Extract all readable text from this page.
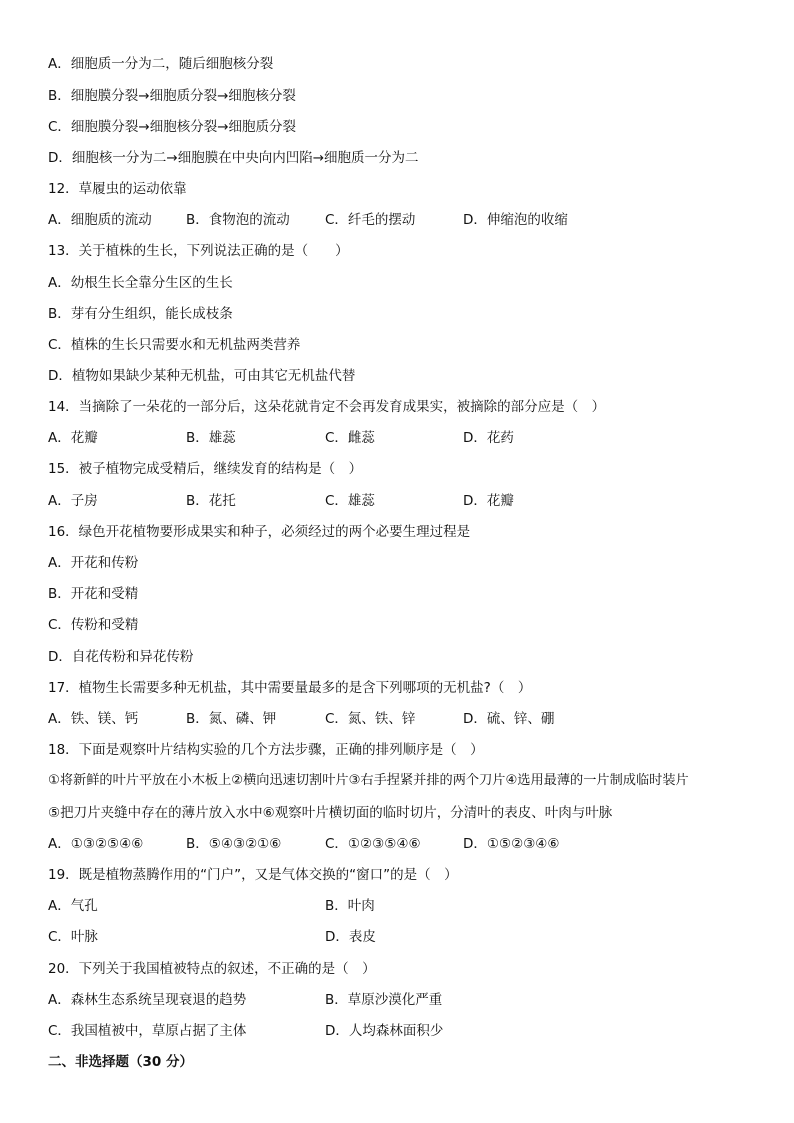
A．细胞质一分为二，随后细胞核分裂
B．细胞膜分裂→细胞质分裂→细胞核分裂
C．细胞膜分裂→细胞核分裂→细胞质分裂
D．细胞核一分为二→细胞膜在中央向内凹陷→细胞质一分为二
12．草履虫的运动依靠
A．细胞质的流动	B．食物泡的流动	C．纤毛的摆动	D．伸缩泡的收缩
13．关于植株的生长，下列说法正确的是（　　）
A．幼根生长全靠分生区的生长
B．芽有分生组织，能长成枝条
C．植株的生长只需要水和无机盐两类营养
D．植物如果缺少某种无机盐，可由其它无机盐代替
14．当摘除了一朵花的一部分后，这朵花就肯定不会再发育成果实，被摘除的部分应是（　）
A．花瓣	B．雄蕊	C．雌蕊	D．花药
15．被子植物完成受精后，继续发育的结构是（　）
A．子房	B．花托	C．雄蕊	D．花瓣
16．绿色开花植物要形成果实和种子，必须经过的两个必要生理过程是
A．开花和传粉
B．开花和受精
C．传粉和受精
D．自花传粉和异花传粉
17．植物生长需要多种无机盐，其中需要量最多的是含下列哪项的无机盐?（　）
A．铁、镁、钙	B．氮、磷、钾	C．氮、铁、锌	D．硫、锌、硼
18．下面是观察叶片结构实验的几个方法步骤，正确的排列顺序是（　）
①将新鲜的叶片平放在小木板上②横向迅速切割叶片③右手捏紧并排的两个刀片④选用最薄的一片制成临时装片
⑤把刀片夹缝中存在的薄片放入水中⑥观察叶片横切面的临时切片，分清叶的表皮、叶肉与叶脉
A．①③②⑤④⑥	B．⑤④③②①⑥	C．①②③⑤④⑥	D．①⑤②③④⑥
19．既是植物蒸腾作用的“门户”，又是气体交换的“窗口”的是（　）
A．气孔	B．叶肉
C．叶脉	D．表皮
20．下列关于我国植被特点的叙述，不正确的是（　）
A．森林生态系统呈现衰退的趋势	B．草原沙漠化严重
C．我国植被中，草原占据了主体	D．人均森林面积少
二、非选择题（30 分）
